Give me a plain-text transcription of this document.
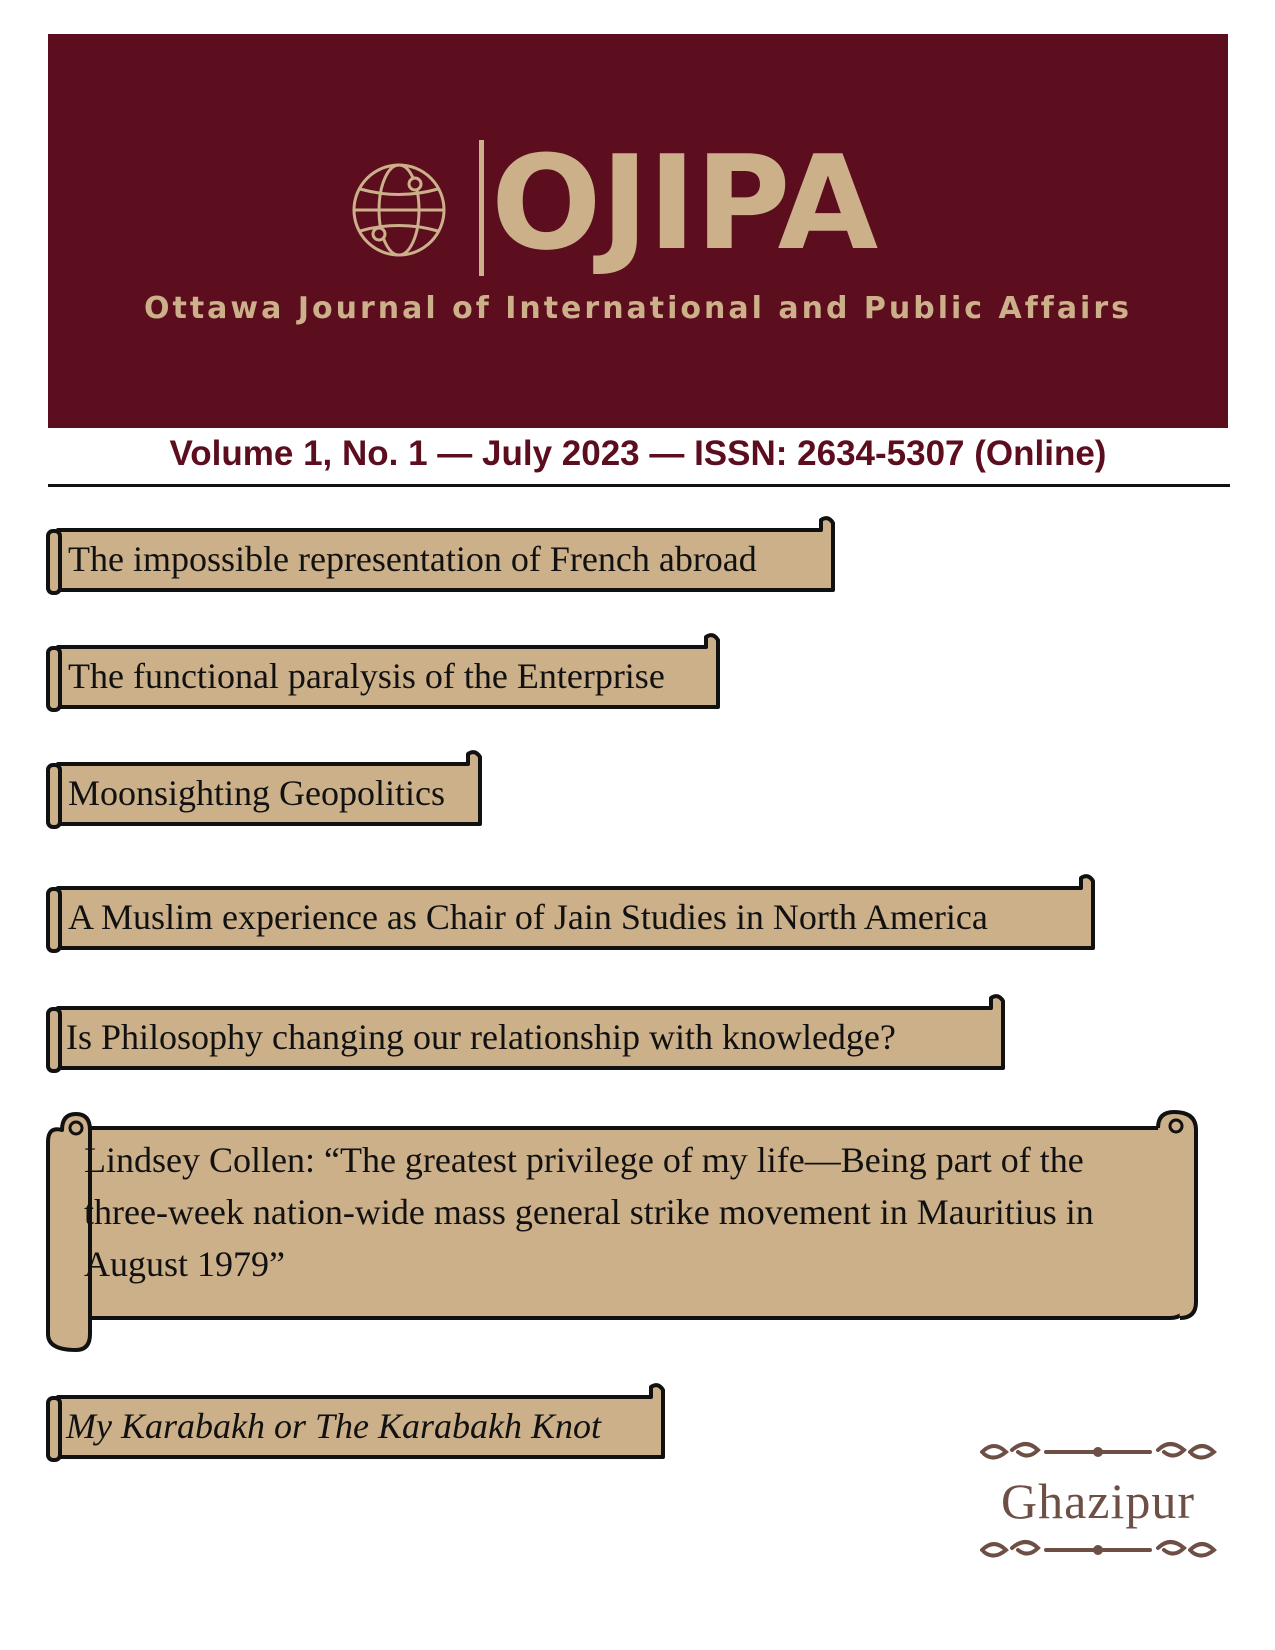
OJIPA
Ottawa Journal of International and Public Affairs
Volume 1, No. 1 — July 2023 — ISSN: 2634-5307 (Online)
The impossible representation of French abroad
The functional paralysis of the Enterprise
Moonsighting Geopolitics
A Muslim experience as Chair of Jain Studies in North America
Is Philosophy changing our relationship with knowledge?
Lindsey Collen: “The greatest privilege of my life—Being part of the three-week nation-wide mass general strike movement in Mauritius in August 1979”
My Karabakh or The Karabakh Knot
Ghazipur
